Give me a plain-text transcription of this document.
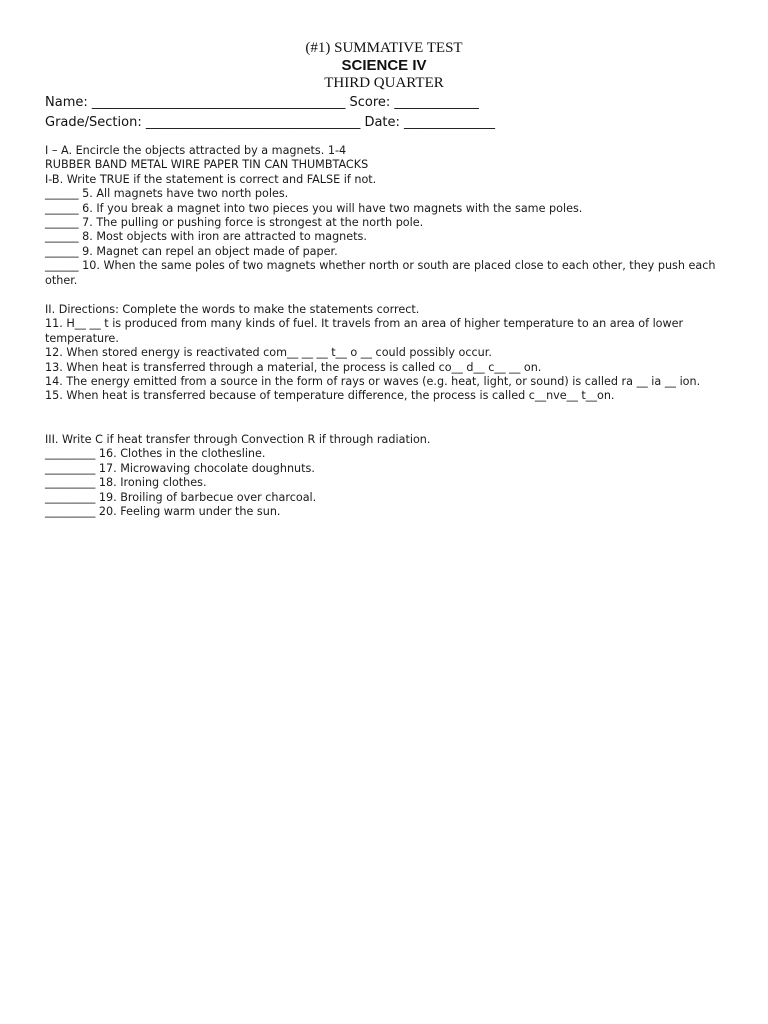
(#1) SUMMATIVE TEST
SCIENCE IV
THIRD QUARTER
Name: _______________________________________ Score: _____________
Grade/Section: _________________________________ Date: ______________
I – A. Encircle the objects attracted by a magnets. 1-4
RUBBER BAND METAL WIRE PAPER TIN CAN THUMBTACKS
I-B. Write TRUE if the statement is correct and FALSE if not.
______ 5. All magnets have two north poles.
______ 6. If you break a magnet into two pieces you will have two magnets with the same poles.
______ 7. The pulling or pushing force is strongest at the north pole.
______ 8. Most objects with iron are attracted to magnets.
______ 9. Magnet can repel an object made of paper.
______ 10. When the same poles of two magnets whether north or south are placed close to each other, they push each other.
II. Directions: Complete the words to make the statements correct.
11. H__ __ t is produced from many kinds of fuel. It travels from an area of higher temperature to an area of lower temperature.
12. When stored energy is reactivated com__ __ __ t__ o __ could possibly occur.
13. When heat is transferred through a material, the process is called co__ d__ c__ __ on.
14. The energy emitted from a source in the form of rays or waves (e.g. heat, light, or sound) is called ra __ ia __ ion.
15. When heat is transferred because of temperature difference, the process is called c__nve__ t__on.
III. Write C if heat transfer through Convection R if through radiation.
_________ 16. Clothes in the clothesline.
_________ 17. Microwaving chocolate doughnuts.
_________ 18. Ironing clothes.
_________ 19. Broiling of barbecue over charcoal.
_________ 20. Feeling warm under the sun.
